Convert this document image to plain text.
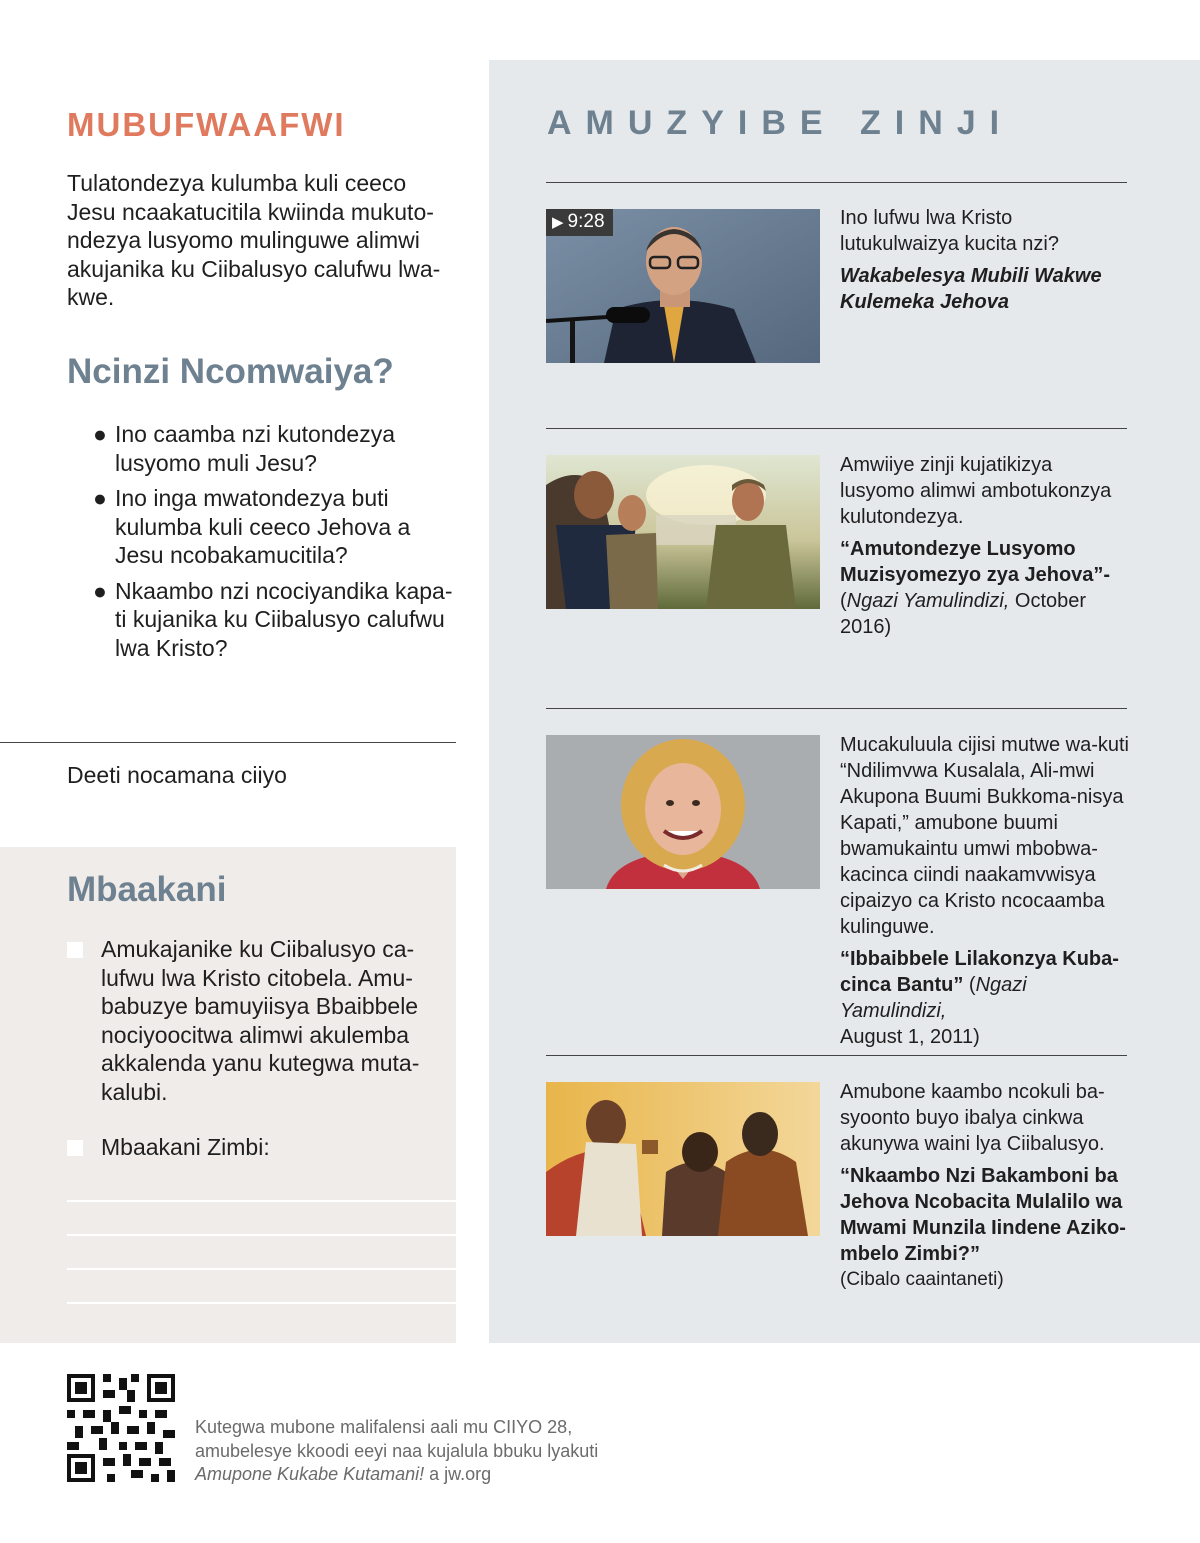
MUBUFWAAFWI

Tulatondezya kulumba kuli ceeco Jesu ncaakatucitila kwiinda mukuto-ndezya lusyomo mulinguwe alimwi akujanika ku Ciibalusyo calufwu lwa-kwe.

Ncinzi Ncomwaiya?
● Ino caamba nzi kutondezya lusyomo muli Jesu?
● Ino inga mwatondezya buti kulumba kuli ceeco Jehova a Jesu ncobakamucitila?
● Nkaambo nzi ncociyandika kapa-ti kujanika ku Ciibalusyo calufwu lwa Kristo?

Deeti nocamana ciiyo

Mbaakani
Amukajanike ku Ciibalusyo ca-lufwu lwa Kristo citobela. Amu-babuzye bamuyiisya Bbaibbele nociyoocitwa alimwi akulemba akkalenda yanu kutegwa muta-kalubi.
Mbaakani Zimbi:
AMUZYIBE ZINJI
▶ 9:28	Ino lufwu lwa Kristo lutukulwaizya kucita nzi?

Wakabelesya Mubili Wakwe Kulemeka Jehova

Amwiiye zinji kujatikizya lusyomo alimwi ambotukonzya kulutondezya.

“Amutondezye Lusyomo Muzisyomezyo zya Jehova”-
(Ngazi Yamulindizi, October 2016)

Mucakuluula cijisi mutwe wa-kuti “Ndilimvwa Kusalala, Ali-mwi Akupona Buumi Bukkoma-nisya Kapati,” amubone buumi bwamukaintu umwi mbobwa-kacinca ciindi naakamvwisya cipaizyo ca Kristo ncocaamba kulinguwe.

“Ibbaibbele Lilakonzya Kuba-cinca Bantu” (Ngazi Yamulindizi,
August 1, 2011)

Amubone kaambo ncokuli ba-syoonto buyo ibalya cinkwa akunywa waini lya Ciibalusyo.

“Nkaambo Nzi Bakamboni ba Jehova Ncobacita Mulalilo wa Mwami Munzila Iindene Aziko-mbelo Zimbi?”

(Cibalo caaintaneti)

Kutegwa mubone malifalensi aali mu CIIYO 28, amubelesye kkoodi eeyi naa kujalula bbuku lyakuti
Amupone Kukabe Kutamani! a jw.org
